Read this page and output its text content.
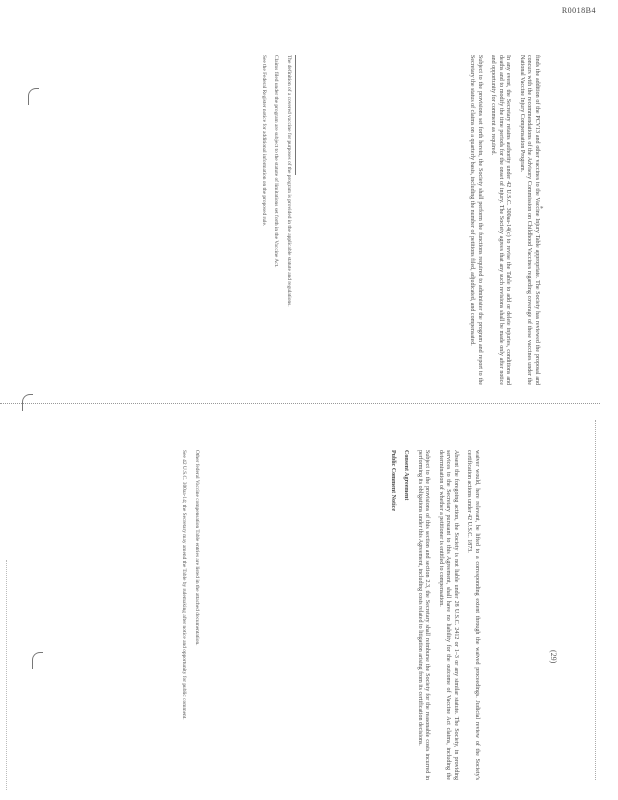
R0018B4
*

finds the addition of the PCV13 and other vaccines to the Vaccine Injury Table appropriate. The Society has reviewed the proposal and concurs with the recommendations of the Advisory Commission on Childhood Vaccines regarding coverage of these vaccines under the National Vaccine Injury Compensation Program.

In any event, the Secretary retains authority under 42 U.S.C. 300aa-14(c) to revise the Table to add or delete injuries, conditions and deaths and to modify the time periods for the onset of injury. The Society agrees that any such revisions shall be made only after notice and opportunity for comment as required.

Subject to the provisions set forth herein, the Society shall perform the functions required to administer the program and report to the Secretary the status of claims on a quarterly basis, including the number of petitions filed, adjudicated, and compensated.

The definition of a covered vaccine for purposes of the program is provided in the applicable statute and regulations.

Claims filed under the program are subject to the statute of limitations set forth in the Vaccine Act.

See the Federal Register notice for additional information on the proposed rule.

waiver would, here relevant, be lifted to a corresponding extent through the waived proceedings. Judicial review of the Society's certification actions under 42 U.S.C. 1873.

Absent the foregoing action, the Society is not liable under 28 U.S.C. 2412 or 1–3 or any similar statute. The Society, in providing services to the Secretary pursuant to this Agreement, shall have no liability for the outcome of Vaccine Act claims, including the determination of whether a petitioner is entitled to compensation.

Subject to the provisions of this section and section 2.3, the Secretary shall reimburse the Society for the reasonable costs incurred in performing its obligations under this Agreement, including costs related to litigation arising from its certification decisions.

Consent Agreement
Public Comment Notice

Other federal Vaccine compensation Table entries are listed in the attached documentation.

See 42 U.S.C. 300aa-14; the Secretary may amend the Table by rulemaking after notice and opportunity for public comment.	(29)
